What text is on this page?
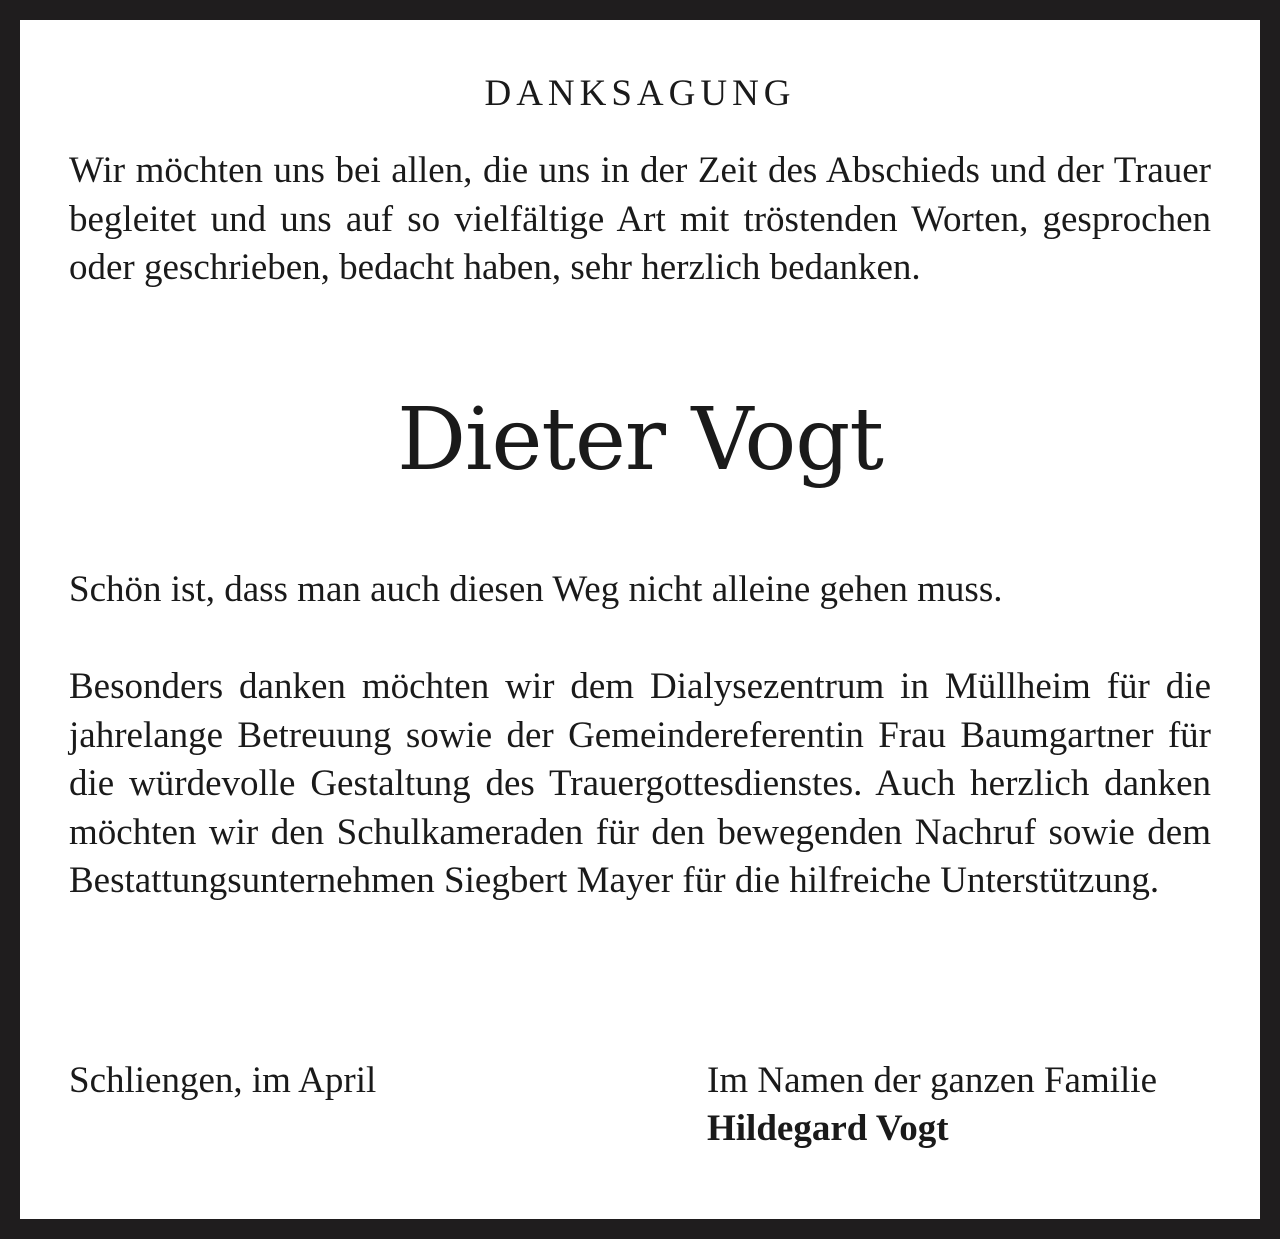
DANKSAGUNG

Wir möchten uns bei allen, die uns in der Zeit des Abschieds und der Trauer begleitet und uns auf so vielfältige Art mit tröstenden Worten, gesprochen oder geschrieben, bedacht haben, sehr herzlich bedanken.

Dieter Vogt

Schön ist, dass man auch diesen Weg nicht alleine gehen muss.

Besonders danken möchten wir dem Dialysezentrum in Müllheim für die jahrelange Betreuung sowie der Gemeindereferentin Frau Baumgartner für die würdevolle Gestaltung des Trauergottesdienstes. Auch herzlich danken möchten wir den Schulkameraden für den bewegenden Nachruf sowie dem Bestattungsunternehmen Siegbert Mayer für die hilfreiche Unterstützung.

Schliengen, im April	Im Namen der ganzen Familie
Hildegard Vogt
